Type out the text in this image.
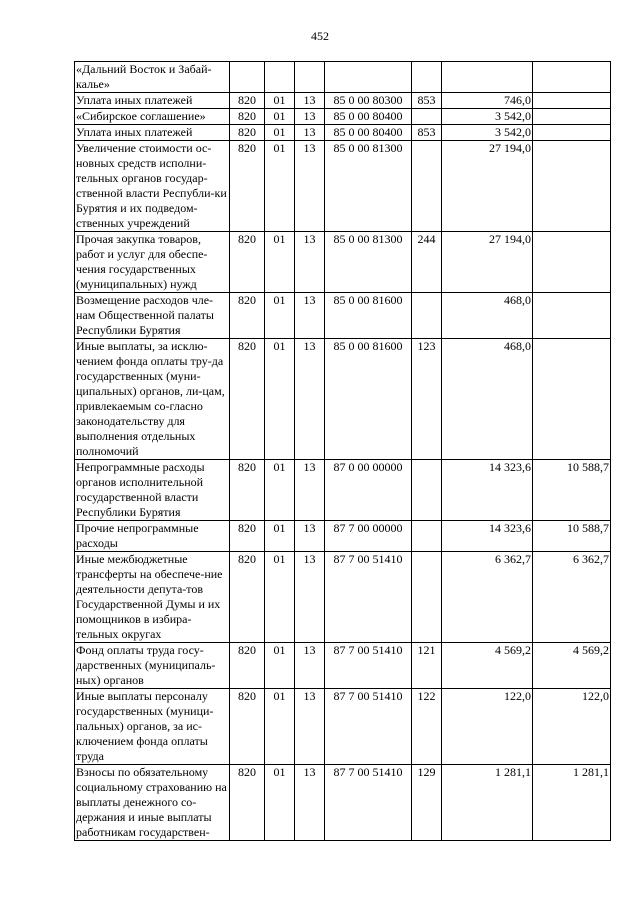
452
«Дальний Восток и Забай-кальe»							
Уплата иных платежей	820	01	13	85 0 00 80300	853	746,0	
«Сибирское соглашение»	820	01	13	85 0 00 80400		3 542,0	
Уплата иных платежей	820	01	13	85 0 00 80400	853	3 542,0	
Увеличение стоимости ос-новных средств исполни-тельных органов государ-ственной власти Республи-ки Бурятия и их подведом-ственных учреждений	820	01	13	85 0 00 81300		27 194,0	
Прочая закупка товаров, работ и услуг для обеспе-чения государственных (муниципальных) нужд	820	01	13	85 0 00 81300	244	27 194,0	
Возмещение расходов чле-нам Общественной палаты Республики Бурятия	820	01	13	85 0 00 81600		468,0	
Иные выплаты, за исклю-чением фонда оплаты тру-да государственных (муни-ципальных) органов, ли-цам, привлекаемым со-гласно законодательству для выполнения отдельных полномочий	820	01	13	85 0 00 81600	123	468,0	
Непрограммные расходы органов исполнительной государственной власти Республики Бурятия	820	01	13	87 0 00 00000		14 323,6	10 588,7
Прочие непрограммные расходы	820	01	13	87 7 00 00000		14 323,6	10 588,7
Иные межбюджетные трансферты на обеспече-ние деятельности депута-тов Государственной Думы и их помощников в избира-тельных округах	820	01	13	87 7 00 51410		6 362,7	6 362,7
Фонд оплаты труда госу-дарственных (муниципаль-ных) органов	820	01	13	87 7 00 51410	121	4 569,2	4 569,2
Иные выплаты персоналу государственных (муници-пальных) органов, за ис-ключением фонда оплаты труда	820	01	13	87 7 00 51410	122	122,0	122,0
Взносы по обязательному социальному страхованию на выплаты денежного со-держания и иные выплаты работникам государствен-	820	01	13	87 7 00 51410	129	1 281,1	1 281,1
